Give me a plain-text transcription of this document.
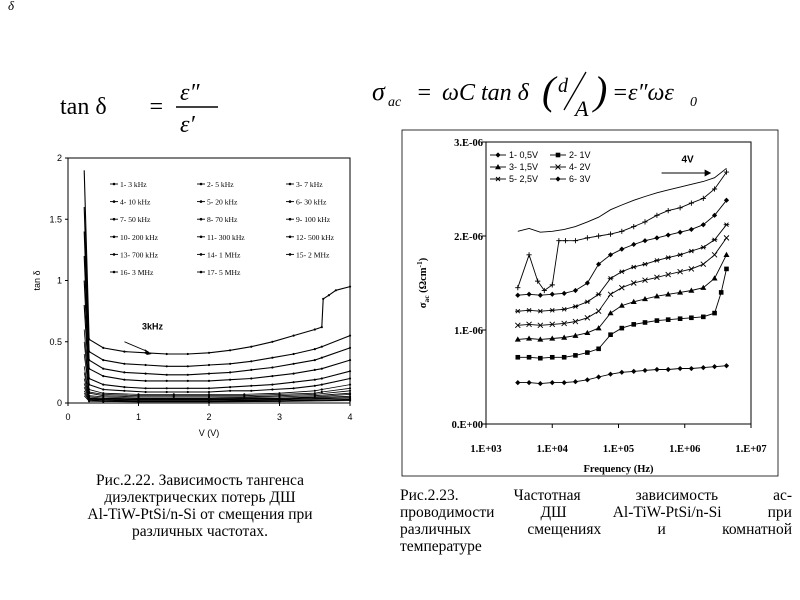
δ
tan δ =
ε″
ε′
σ ac = ωC tan δ ( d
A ) = ε″ωε 0
3kHz
1- 3 kHz	2- 5 kHz	3- 7 kHz
4- 10 kHz	5- 20 kHz	6- 30 kHz
7- 50 kHz	8- 70 kHz	9- 100 kHz
10- 200 kHz	11- 300 kHz	12- 500 kHz
13- 700 kHz	14- 1 MHz	15- 2 MHz
16- 3 MHz	17- 5 MHz
0	1	2	3	4
0
0.5
1
1.5
2
V (V)
tan δ
4V
1- 0,5V	2- 1V
3- 1,5V	4- 2V
5- 2,5V	6- 3V
1.E+03	1.E+04	1.E+05	1.E+06	1.E+07
0.E+00
1.E-06
2.E-06
3.E-06
Frequency (Hz)
$\sigma_{ac}$ (Ωcm$^{-1}$)
Рис.2.22. Зависимость тангенса
диэлектрических потерь ДШ
Al-TiW-PtSi/n-Si от смещения при
различных частотах.
Рис.2.23.	Частотная	зависимость	ас-
проводимости	ДШ	Al-TiW-PtSi/n-Si	при
различных	смещениях	и	комнатной
температуре
